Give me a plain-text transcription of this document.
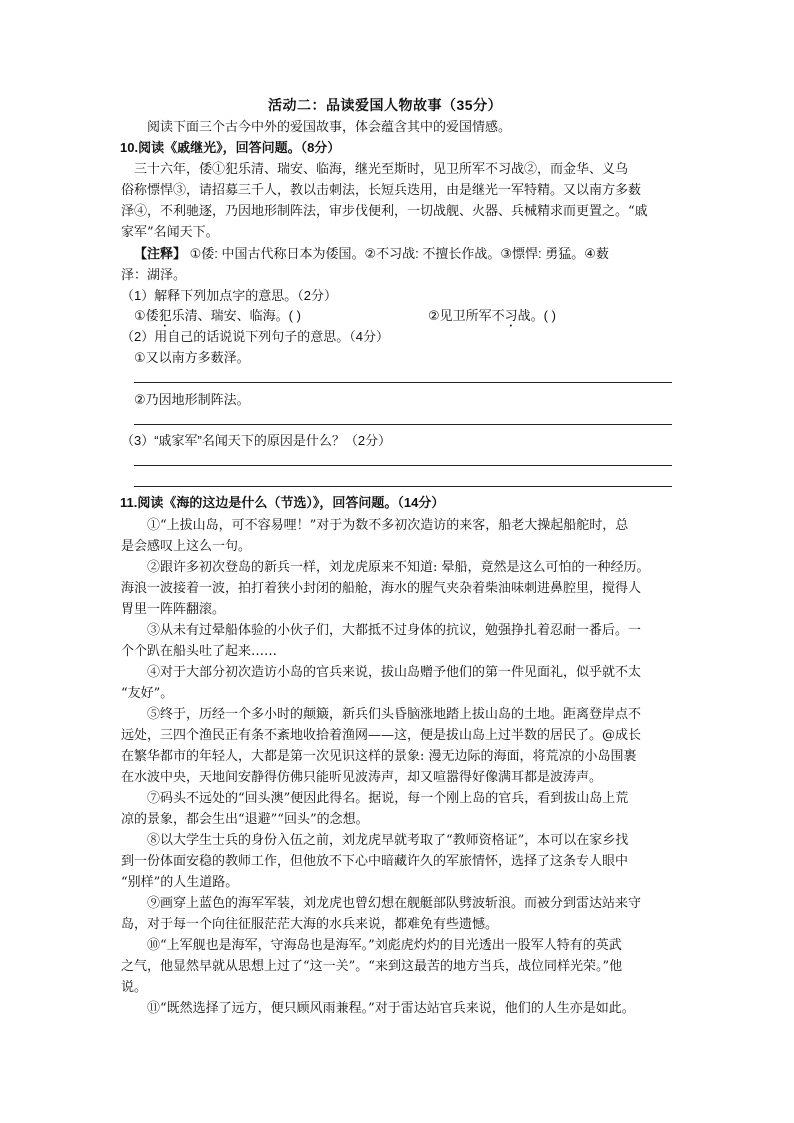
活动二：品读爱国人物故事（35分）
阅读下面三个古今中外的爱国故事，体会蕴含其中的爱国情感。
10.阅读《戚继光》，回答问题。（8分）
三十六年，倭①犯乐清、瑞安、临海，继光至斯时，见卫所军不习战②，而金华、义乌
俗称慓悍③，请招募三千人，教以击刺法，长短兵迭用，由是继光一军特精。又以南方多薮
泽④，不利驰逐，乃因地形制阵法，审步伐便利，一切战舰、火器、兵械精求而更置之。“戚
家军”名闻天下。
【注释】 ①倭: 中国古代称日本为倭国。②不习战: 不擅长作战。③慓悍: 勇猛。④薮
泽：湖泽。
（1）解释下列加点字的意思。（2分）
①倭犯乐清、瑞安、临海。( )	②见卫所军不习战。( )
（2）用自己的话说说下列句子的意思。（4分）
①又以南方多薮泽。
②乃因地形制阵法。
（3）“戚家军”名闻天下的原因是什么？（2分）
11.阅读《海的这边是什么（节选）》，回答问题。（14分）
①“上拔山岛，可不容易哩！”对于为数不多初次造访的来客，船老大操起船舵时，总
是会感叹上这么一句。
②跟许多初次登岛的新兵一样，刘龙虎原来不知道: 晕船，竟然是这么可怕的一种经历。
海浪一波接着一波，拍打着狭小封闭的船舱，海水的腥气夹杂着柴油味刺进鼻腔里，搅得人
胃里一阵阵翻滚。
③从未有过晕船体验的小伙子们，大都抵不过身体的抗议，勉强挣扎着忍耐一番后。一
个个趴在船头吐了起来……
④对于大部分初次造访小岛的官兵来说，拔山岛赠予他们的第一件见面礼，似乎就不太
“友好”。
⑤终于，历经一个多小时的颠簸，新兵们头昏脑涨地踏上拔山岛的土地。距离登岸点不
远处，三四个渔民正有条不紊地收拾着渔网——这，便是拔山岛上过半数的居民了。@成长
在繁华都市的年轻人，大都是第一次见识这样的景象: 漫无边际的海面，将荒凉的小岛围裹
在水波中央，天地间安静得仿佛只能听见波涛声，却又喧嚣得好像满耳都是波涛声。
⑦码头不远处的“回头澳”便因此得名。据说，每一个刚上岛的官兵，看到拔山岛上荒
凉的景象，都会生出“退避”“回头”的念想。
⑧以大学生士兵的身份入伍之前，刘龙虎早就考取了“教师资格证”，本可以在家乡找
到一份体面安稳的教师工作，但他放不下心中暗藏许久的军旅情怀，选择了这条专人眼中
“别样”的人生道路。
⑨画穿上蓝色的海军军装，刘龙虎也曾幻想在舰艇部队劈波斩浪。而被分到雷达站来守
岛，对于每一个向往征服茫茫大海的水兵来说，都难免有些遗憾。
⑩“上军舰也是海军，守海岛也是海军。”刘彪虎灼灼的目光透出一股军人特有的英武
之气，他显然早就从思想上过了“这一关”。“来到这最苦的地方当兵，战位同样光荣。”他
说。
⑪“既然选择了远方，便只顾风雨兼程。”对于雷达站官兵来说，他们的人生亦是如此。
